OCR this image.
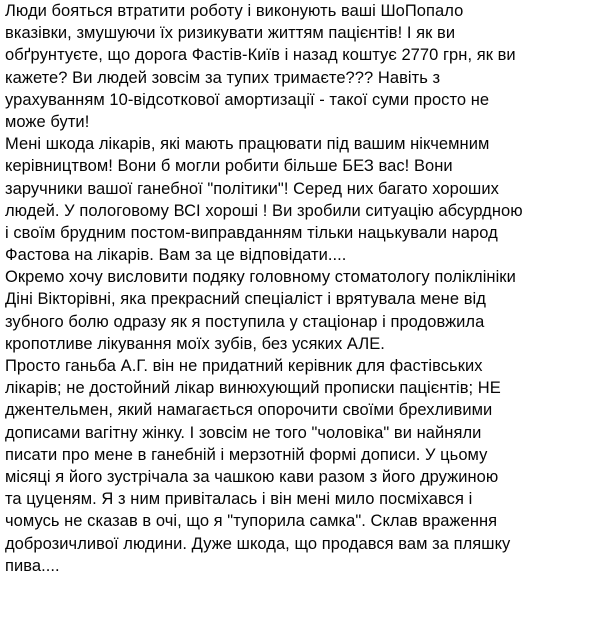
Люди бояться втратити роботу і виконують ваші ШоПопало
вказівки, змушуючи їх ризикувати життям пацієнтів! І як ви
обґрунтуєте, що дорога Фастів-Київ і назад коштує 2770 грн, як ви
кажете? Ви людей зовсім за тупих тримаєте??? Навіть з
урахуванням 10-відсоткової амортизації - такої суми просто не
може бути!
Мені шкода лікарів, які мають працювати під вашим нікчемним
керівництвом! Вони б могли робити більше БЕЗ вас! Вони
заручники вашої ганебної "політики"! Серед них багато хороших
людей. У пологовому ВСІ хороші ! Ви зробили ситуацію абсурдною
і своїм брудним постом-виправданням тільки нацькували народ
Фастова на лікарів. Вам за це відповідати....
Окремо хочу висловити подяку головному стоматологу поліклініки
Діні Вікторівні, яка прекрасний спеціаліст і врятувала мене від
зубного болю одразу як я поступила у стаціонар і продовжила
кропотливе лікування моїх зубів, без усяких АЛЕ.
Просто ганьба А.Г. він не придатний керівник для фастівських
лікарів; не достойний лікар винюхующий прописки пацієнтів; НЕ
джентельмен, який намагається опорочити своїми брехливими
дописами вагітну жінку. І зовсім не того "чоловіка" ви найняли
писати про мене в ганебній і мерзотній формі дописи. У цьому
місяці я його зустрічала за чашкою кави разом з його дружиною
та цуценям. Я з ним привіталась і він мені мило посміхався і
чомусь не сказав в очі, що я "тупорила самка". Склав враження
доброзичливої людини. Дуже шкода, що продався вам за пляшку
пива....
